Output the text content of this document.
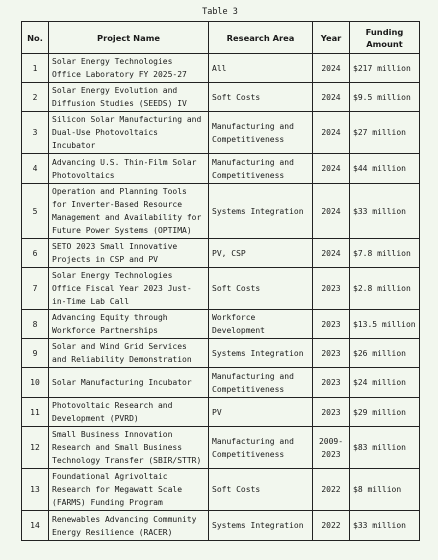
Table 3
No.	Project Name	Research Area	Year	Funding Amount
1	Solar Energy Technologies Office Laboratory FY 2025-27	All	2024	$217 million
2	Solar Energy Evolution and Diffusion Studies (SEEDS) IV	Soft Costs	2024	$9.5 million
3	Silicon Solar Manufacturing and Dual-Use Photovoltaics Incubator	Manufacturing and Competitiveness	2024	$27 million
4	Advancing U.S. Thin-Film Solar Photovoltaics	Manufacturing and Competitiveness	2024	$44 million
5	Operation and Planning Tools for Inverter-Based Resource Management and Availability for Future Power Systems (OPTIMA)	Systems Integration	2024	$33 million
6	SETO 2023 Small Innovative Projects in CSP and PV	PV, CSP	2024	$7.8 million
7	Solar Energy Technologies Office Fiscal Year 2023 Just-in-Time Lab Call	Soft Costs	2023	$2.8 million
8	Advancing Equity through Workforce Partnerships	Workforce Development	2023	$13.5 million
9	Solar and Wind Grid Services and Reliability Demonstration	Systems Integration	2023	$26 million
10	Solar Manufacturing Incubator	Manufacturing and Competitiveness	2023	$24 million
11	Photovoltaic Research and Development (PVRD)	PV	2023	$29 million
12	Small Business Innovation Research and Small Business Technology Transfer (SBIR/STTR)	Manufacturing and Competitiveness	2009-2023	$83 million
13	Foundational Agrivoltaic Research for Megawatt Scale (FARMS) Funding Program	Soft Costs	2022	$8 million
14	Renewables Advancing Community Energy Resilience (RACER)	Systems Integration	2022	$33 million
